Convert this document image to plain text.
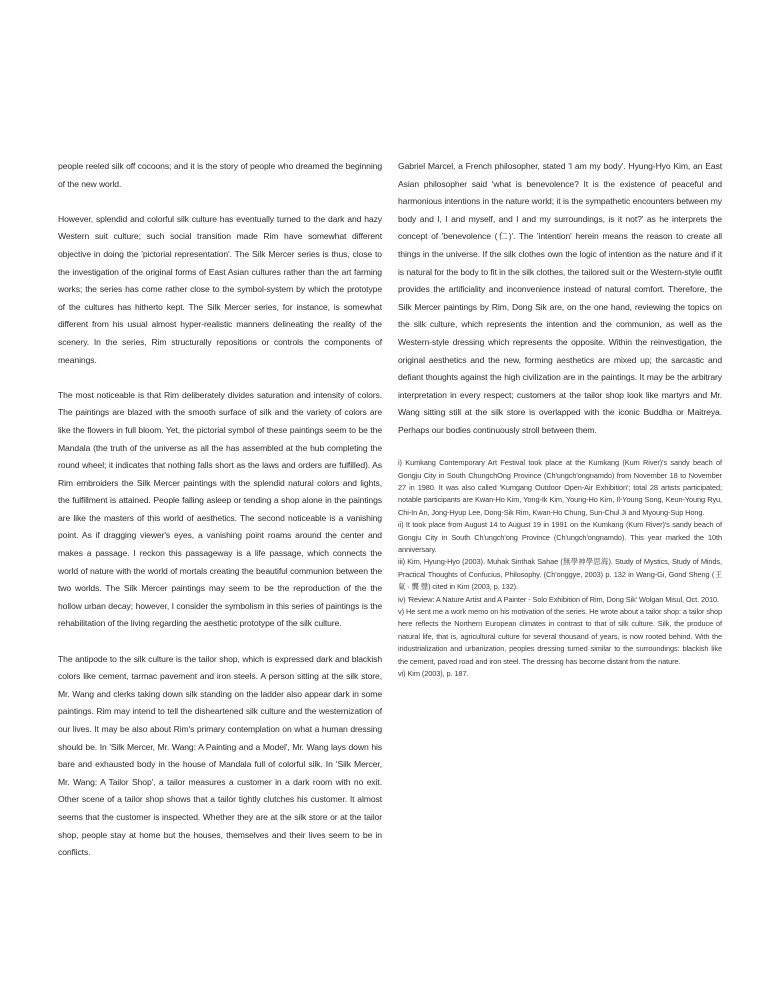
people reeled silk off cocoons; and it is the story of people who dreamed the beginning of the new world.

However, splendid and colorful silk culture has eventually turned to the dark and hazy Western suit culture; such social transition made Rim have somewhat different objective in doing the 'pictorial representation'. The Silk Mercer series is thus, close to the investigation of the original forms of East Asian cultures rather than the art farming works; the series has come rather close to the symbol-system by which the prototype of the cultures has hitherto kept. The Silk Mercer series, for instance, is somewhat different from his usual almost hyper-realistic manners delineating the reality of the scenery. In the series, Rim structurally repositions or controls the components of meanings.

The most noticeable is that Rim deliberately divides saturation and intensity of colors. The paintings are blazed with the smooth surface of silk and the variety of colors are like the flowers in full bloom. Yet, the pictorial symbol of these paintings seem to be the Mandala (the truth of the universe as all the has assembled at the hub completing the round wheel; it indicates that nothing falls short as the laws and orders are fulfilled). As Rim embroiders the Silk Mercer paintings with the splendid natural colors and lights, the fulfillment is attained. People falling asleep or tending a shop alone in the paintings are like the masters of this world of aesthetics. The second noticeable is a vanishing point. As if dragging viewer's eyes, a vanishing point roams around the center and makes a passage. I reckon this passageway is a life passage, which connects the world of nature with the world of mortals creating the beautiful communion between the two worlds. The Silk Mercer paintings may seem to be the reproduction of the the hollow urban decay; however, I consider the symbolism in this series of paintings is the rehabilitation of the living regarding the aesthetic prototype of the silk culture.

The antipode to the silk culture is the tailor shop, which is expressed dark and blackish colors like cement, tarmac pavement and iron steels. A person sitting at the silk store, Mr. Wang and clerks taking down silk standing on the ladder also appear dark in some paintings. Rim may intend to tell the disheartened silk culture and the westernization of our lives. It may be also about Rim's primary contemplation on what a human dressing should be. In 'Silk Mercer, Mr. Wang: A Painting and a Model', Mr. Wang lays down his bare and exhausted body in the house of Mandala full of colorful silk. In 'Silk Mercer, Mr. Wang: A Tailor Shop', a tailor measures a customer in a dark room with no exit. Other scene of a tailor shop shows that a tailor tightly clutches his customer. It almost seems that the customer is inspected. Whether they are at the silk store or at the tailor shop, people stay at home but the houses, themselves and their lives seem to be in conflicts.

Gabriel Marcel, a French philosopher, stated 'I am my body'. Hyung-Hyo Kim, an East Asian philosopher said 'what is benevolence? It is the existence of peaceful and harmonious intentions in the nature world; it is the sympathetic encounters between my body and I, I and myself, and I and my surroundings, is it not?' as he interprets the concept of 'benevolence (仁)'. The 'intention' herein means the reason to create all things in the universe. If the silk clothes own the logic of intention as the nature and if it is natural for the body to fit in the silk clothes, the tailored suit or the Western-style outfit provides the artificiality and inconvenience instead of natural comfort. Therefore, the Silk Mercer paintings by Rim, Dong Sik are, on the one hand, reviewing the topics on the silk culture, which represents the intention and the communion, as well as the Western-style dressing which represents the opposite. Within the reinvestigation, the original aesthetics and the new, forming aesthetics are mixed up; the sarcastic and defiant thoughts against the high civilization are in the paintings. It may be the arbitrary interpretation in every respect; customers at the tailor shop look like martyrs and Mr. Wang sitting still at the silk store is overlapped with the iconic Buddha or Maitreya. Perhaps our bodies continuously stroll between them.

i) Kumkang Contemporary Art Festival took place at the Kumkang (Kum River)'s sandy beach of Gongju City in South ChungchOng Province (Ch'ungch'ongnamdo) from November 18 to November 27 in 1980. It was also called 'Kumgang Outdoor Open-Air Exhibition'; total 28 artists participated; notable participants are Kwan-Ho Kim, Yong-Ik Kim, Young-Ho Kim, Il-Young Song, Keun-Young Ryu, Chi-In An, Jong-Hyup Lee, Dong-Sik Rim, Kwan-Ho Chung, Sun-Chul Ji and Myoung-Sup Hong.

ii) It took place from August 14 to August 19 in 1991 on the Kumkang (Kum River)'s sandy beach of Gongju City in South Ch'ungch'ong Province (Ch'ungch'ongnamdo). This year marked the 10th anniversary.

iii) Kim, Hyung-Hyo (2003). Muhak Sinthak Sahae (無學神學思海). Study of Mystics, Study of Minds, Practical Thoughts of Confucius, Philosophy. (Ch'onggye, 2003) p. 132 in Wang-Gi, Gond Sheng (王 氣 · 龔 聲) cited in Kim (2003, p. 132).

iv) 'Review: A Nature Artist and A Painter - Solo Exhibition of Rim, Dong Sik' Wolgan Misul, Oct. 2010.

v) He sent me a work memo on his motivation of the series. He wrote about a tailor shop: a tailor shop here reflects the Northern European climates in contrast to that of silk culture. Silk, the produce of natural life, that is, agricultural culture for several thousand of years, is now rooted behind. With the industrialization and urbanization, peoples dressing turned similar to the surroundings: blackish like the cement, paved road and iron steel. The dressing has become distant from the nature.

vi) Kim (2003), p. 187.
